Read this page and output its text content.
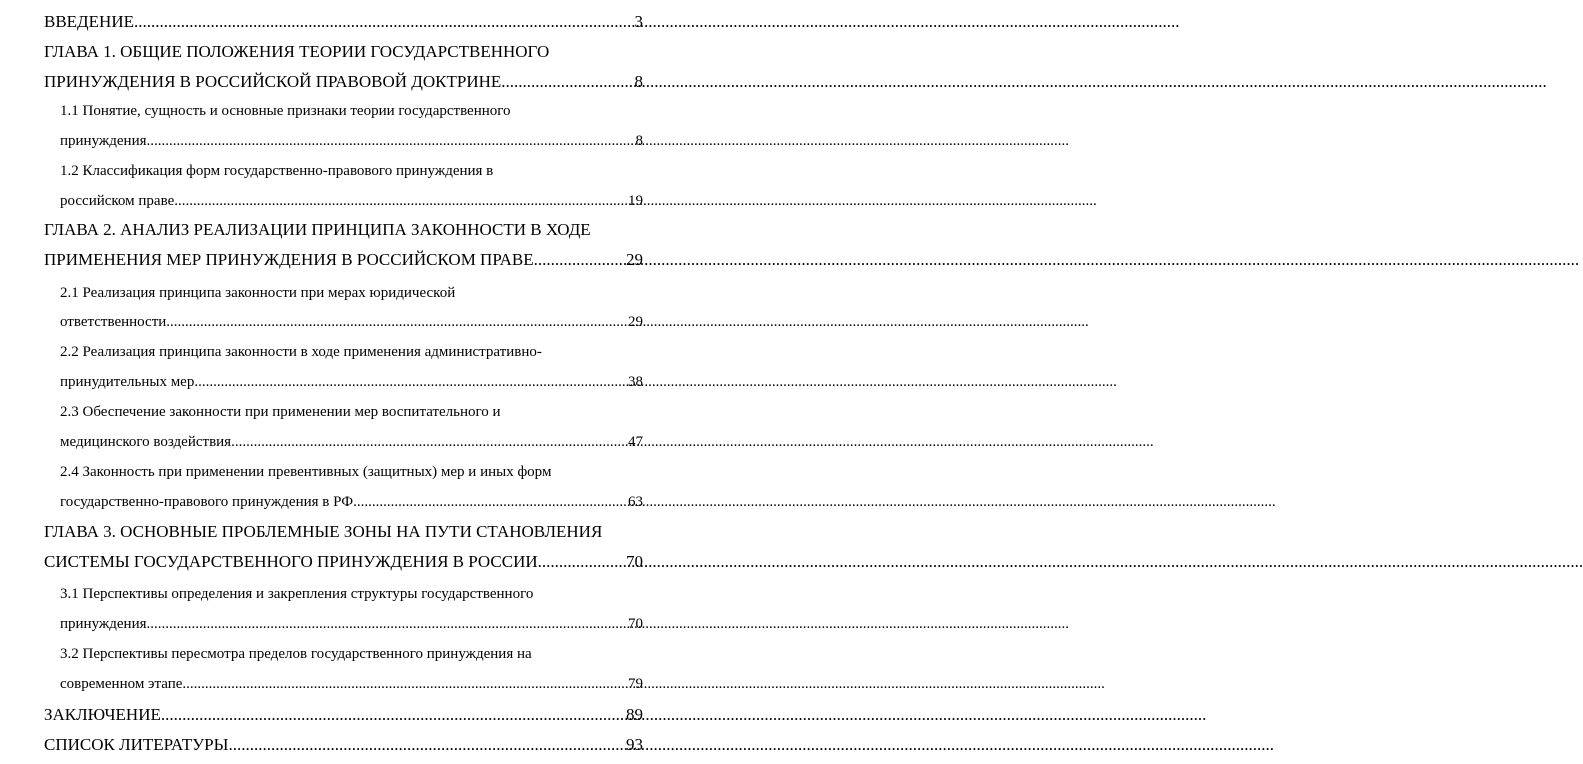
ВВЕДЕНИЕ .....	3
ГЛАВА 1. ОБЩИЕ ПОЛОЖЕНИЯ ТЕОРИИ ГОСУДАРСТВЕННОГО
ПРИНУЖДЕНИЯ В РОССИЙСКОЙ ПРАВОВОЙ ДОКТРИНЕ .....	8
1.1 Понятие, сущность и основные признаки теории государственного
принуждения .....	8
1.2 Классификация форм государственно-правового принуждения в
российском праве .....	19
ГЛАВА 2. АНАЛИЗ РЕАЛИЗАЦИИ ПРИНЦИПА ЗАКОННОСТИ В ХОДЕ
ПРИМЕНЕНИЯ МЕР ПРИНУЖДЕНИЯ В РОССИЙСКОМ ПРАВЕ .....	29
2.1 Реализация принципа законности при мерах юридической
ответственности .....	29
2.2 Реализация принципа законности в ходе применения административно-
принудительных мер .....	38
2.3 Обеспечение законности при применении мер воспитательного и
медицинского воздействия .....	47
2.4 Законность при применении превентивных (защитных) мер и иных форм
государственно-правового принуждения в РФ .....	63
ГЛАВА 3. ОСНОВНЫЕ ПРОБЛЕМНЫЕ ЗОНЫ НА ПУТИ СТАНОВЛЕНИЯ
СИСТЕМЫ ГОСУДАРСТВЕННОГО ПРИНУЖДЕНИЯ В РОССИИ .....	70
3.1 Перспективы определения и закрепления структуры государственного
принуждения .....	70
3.2 Перспективы пересмотра пределов государственного принуждения на
современном этапе .....	79
ЗАКЛЮЧЕНИЕ .....	89
СПИСОК ЛИТЕРАТУРЫ .....	93
